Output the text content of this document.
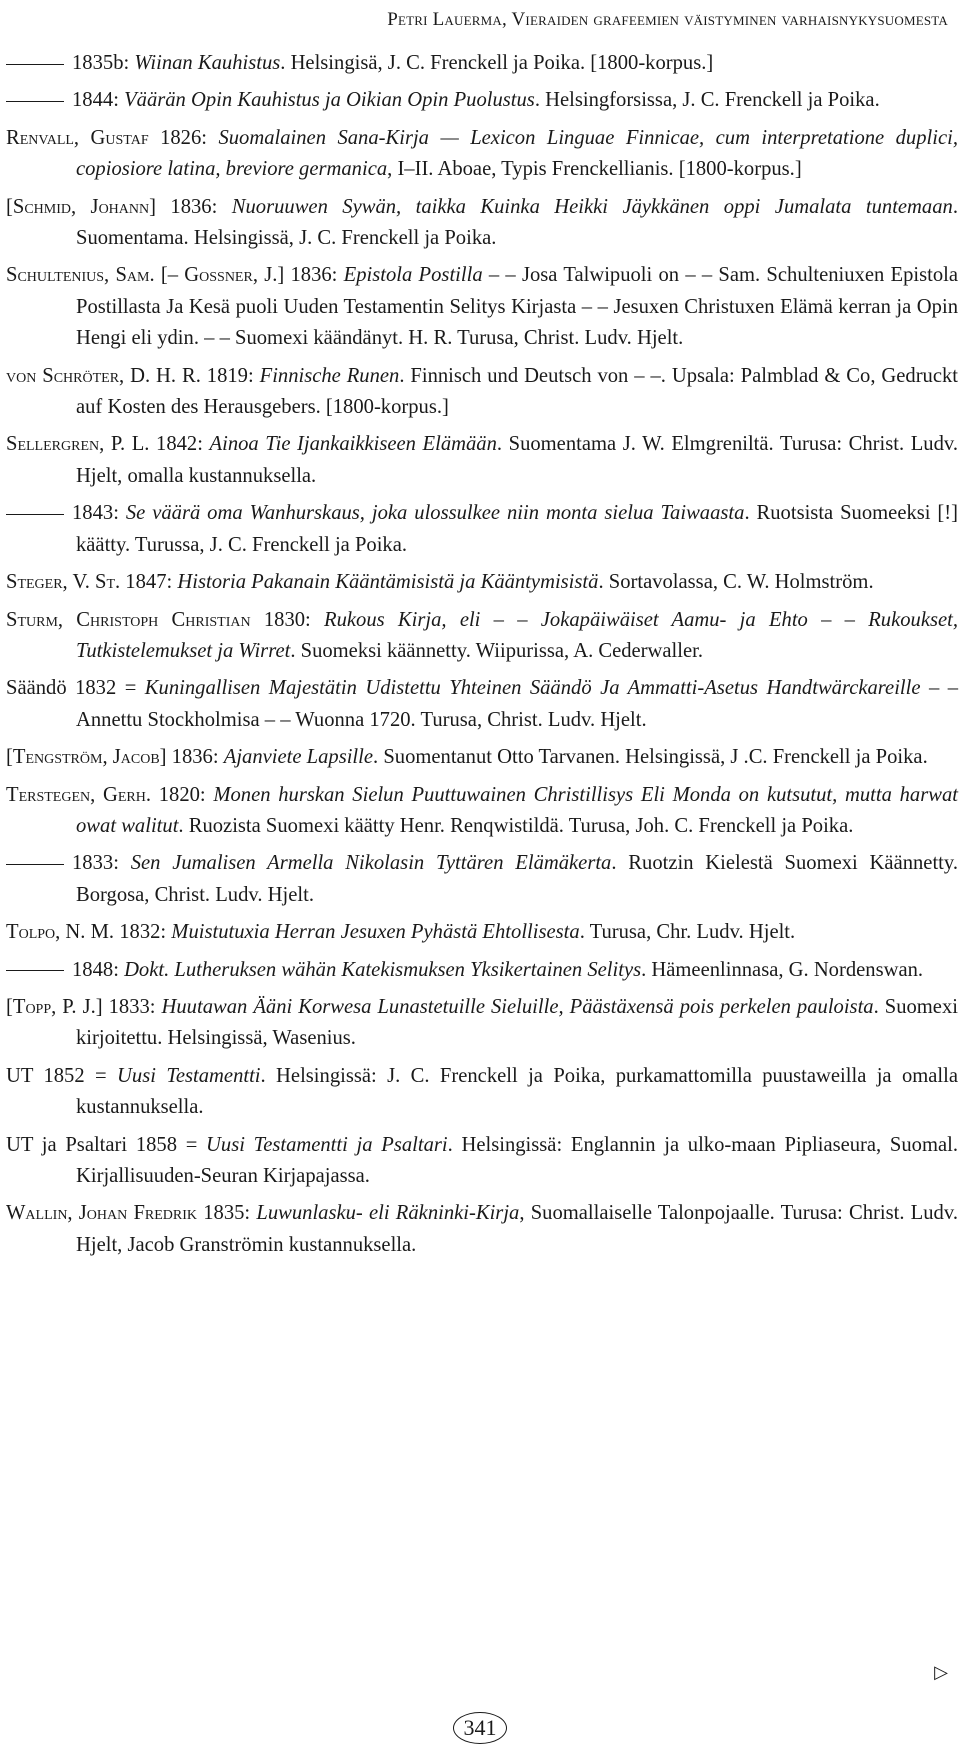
Petri Lauerma, Vieraiden grafeemien väistyminen varhaisnykysuomesta

1835b: Wiinan Kauhistus. Helsingisä, J. C. Frenckell ja Poika. [1800-korpus.]

1844: Väärän Opin Kauhistus ja Oikian Opin Puolustus. Helsingforsissa, J. C. Frenckell ja Poika.

Renvall, Gustaf 1826: Suomalainen Sana-Kirja — Lexicon Linguae Finnicae, cum interpretatione duplici, copiosiore latina, breviore germanica, I–II. Aboae, Typis Frenckellianis. [1800-korpus.]

[Schmid, Johann] 1836: Nuoruuwen Sywän, taikka Kuinka Heikki Jäykkänen oppi Jumalata tuntemaan. Suomentama. Helsingissä, J. C. Frenckell ja Poika.

Schultenius, Sam. [– Gossner, J.] 1836: Epistola Postilla – – Josa Talwipuoli on – – Sam. Schulteniuxen Epistola Postillasta Ja Kesä puoli Uuden Testamentin Selitys Kirjasta – – Jesuxen Christuxen Elämä kerran ja Opin Hengi eli ydin. – – Suomexi käändänyt. H. R. Turusa, Christ. Ludv. Hjelt.

von Schröter, D. H. R. 1819: Finnische Runen. Finnisch und Deutsch von – –. Upsala: Palmblad & Co, Gedruckt auf Kosten des Herausgebers. [1800-korpus.]

Sellergren, P. L. 1842: Ainoa Tie Ijankaikkiseen Elämään. Suomentama J. W. Elmgreniltä. Turusa: Christ. Ludv. Hjelt, omalla kustannuksella.

1843: Se väärä oma Wanhurskaus, joka ulossulkee niin monta sielua Taiwaasta. Ruotsista Suomeeksi [!] käätty. Turussa, J. C. Frenckell ja Poika.

Steger, V. St. 1847: Historia Pakanain Kääntämisistä ja Kääntymisistä. Sortavolassa, C. W. Holmström.

Sturm, Christoph Christian 1830: Rukous Kirja, eli – – Jokapäiwäiset Aamu- ja Ehto – – Rukoukset, Tutkistelemukset ja Wirret. Suomeksi käännetty. Wiipurissa, A. Cederwaller.

Säändö 1832 = Kuningallisen Majestätin Udistettu Yhteinen Säändö Ja Ammatti-Asetus Handtwärckareille – – Annettu Stockholmisa – – Wuonna 1720. Turusa, Christ. Ludv. Hjelt.

[Tengström, Jacob] 1836: Ajanviete Lapsille. Suomentanut Otto Tarvanen. Helsingissä, J .C. Frenckell ja Poika.

Terstegen, Gerh. 1820: Monen hurskan Sielun Puuttuwainen Christillisys Eli Monda on kutsutut, mutta harwat owat walitut. Ruozista Suomexi käätty Henr. Renqwistildä. Turusa, Joh. C. Frenckell ja Poika.

1833: Sen Jumalisen Armella Nikolasin Tyttären Elämäkerta. Ruotzin Kielestä Suomexi Käännetty. Borgosa, Christ. Ludv. Hjelt.

Tolpo, N. M. 1832: Muistutuxia Herran Jesuxen Pyhästä Ehtollisesta. Turusa, Chr. Ludv. Hjelt.

1848: Dokt. Lutheruksen wähän Katekismuksen Yksikertainen Selitys. Hämeenlinnasa, G. Nordenswan.

[Topp, P. J.] 1833: Huutawan Ääni Korwesa Lunastetuille Sieluille, Päästäxensä pois perkelen pauloista. Suomexi kirjoitettu. Helsingissä, Wasenius.

UT 1852 = Uusi Testamentti. Helsingissä: J. C. Frenckell ja Poika, purkamattomilla puustaweilla ja omalla kustannuksella.

UT ja Psaltari 1858 = Uusi Testamentti ja Psaltari. Helsingissä: Englannin ja ulko-maan Pipliaseura, Suomal. Kirjallisuuden-Seuran Kirjapajassa.

Wallin, Johan Fredrik 1835: Luwunlasku- eli Räkninki-Kirja, Suomallaiselle Talonpojaalle. Turusa: Christ. Ludv. Hjelt, Jacob Granströmin kustannuksella.

▷
341
